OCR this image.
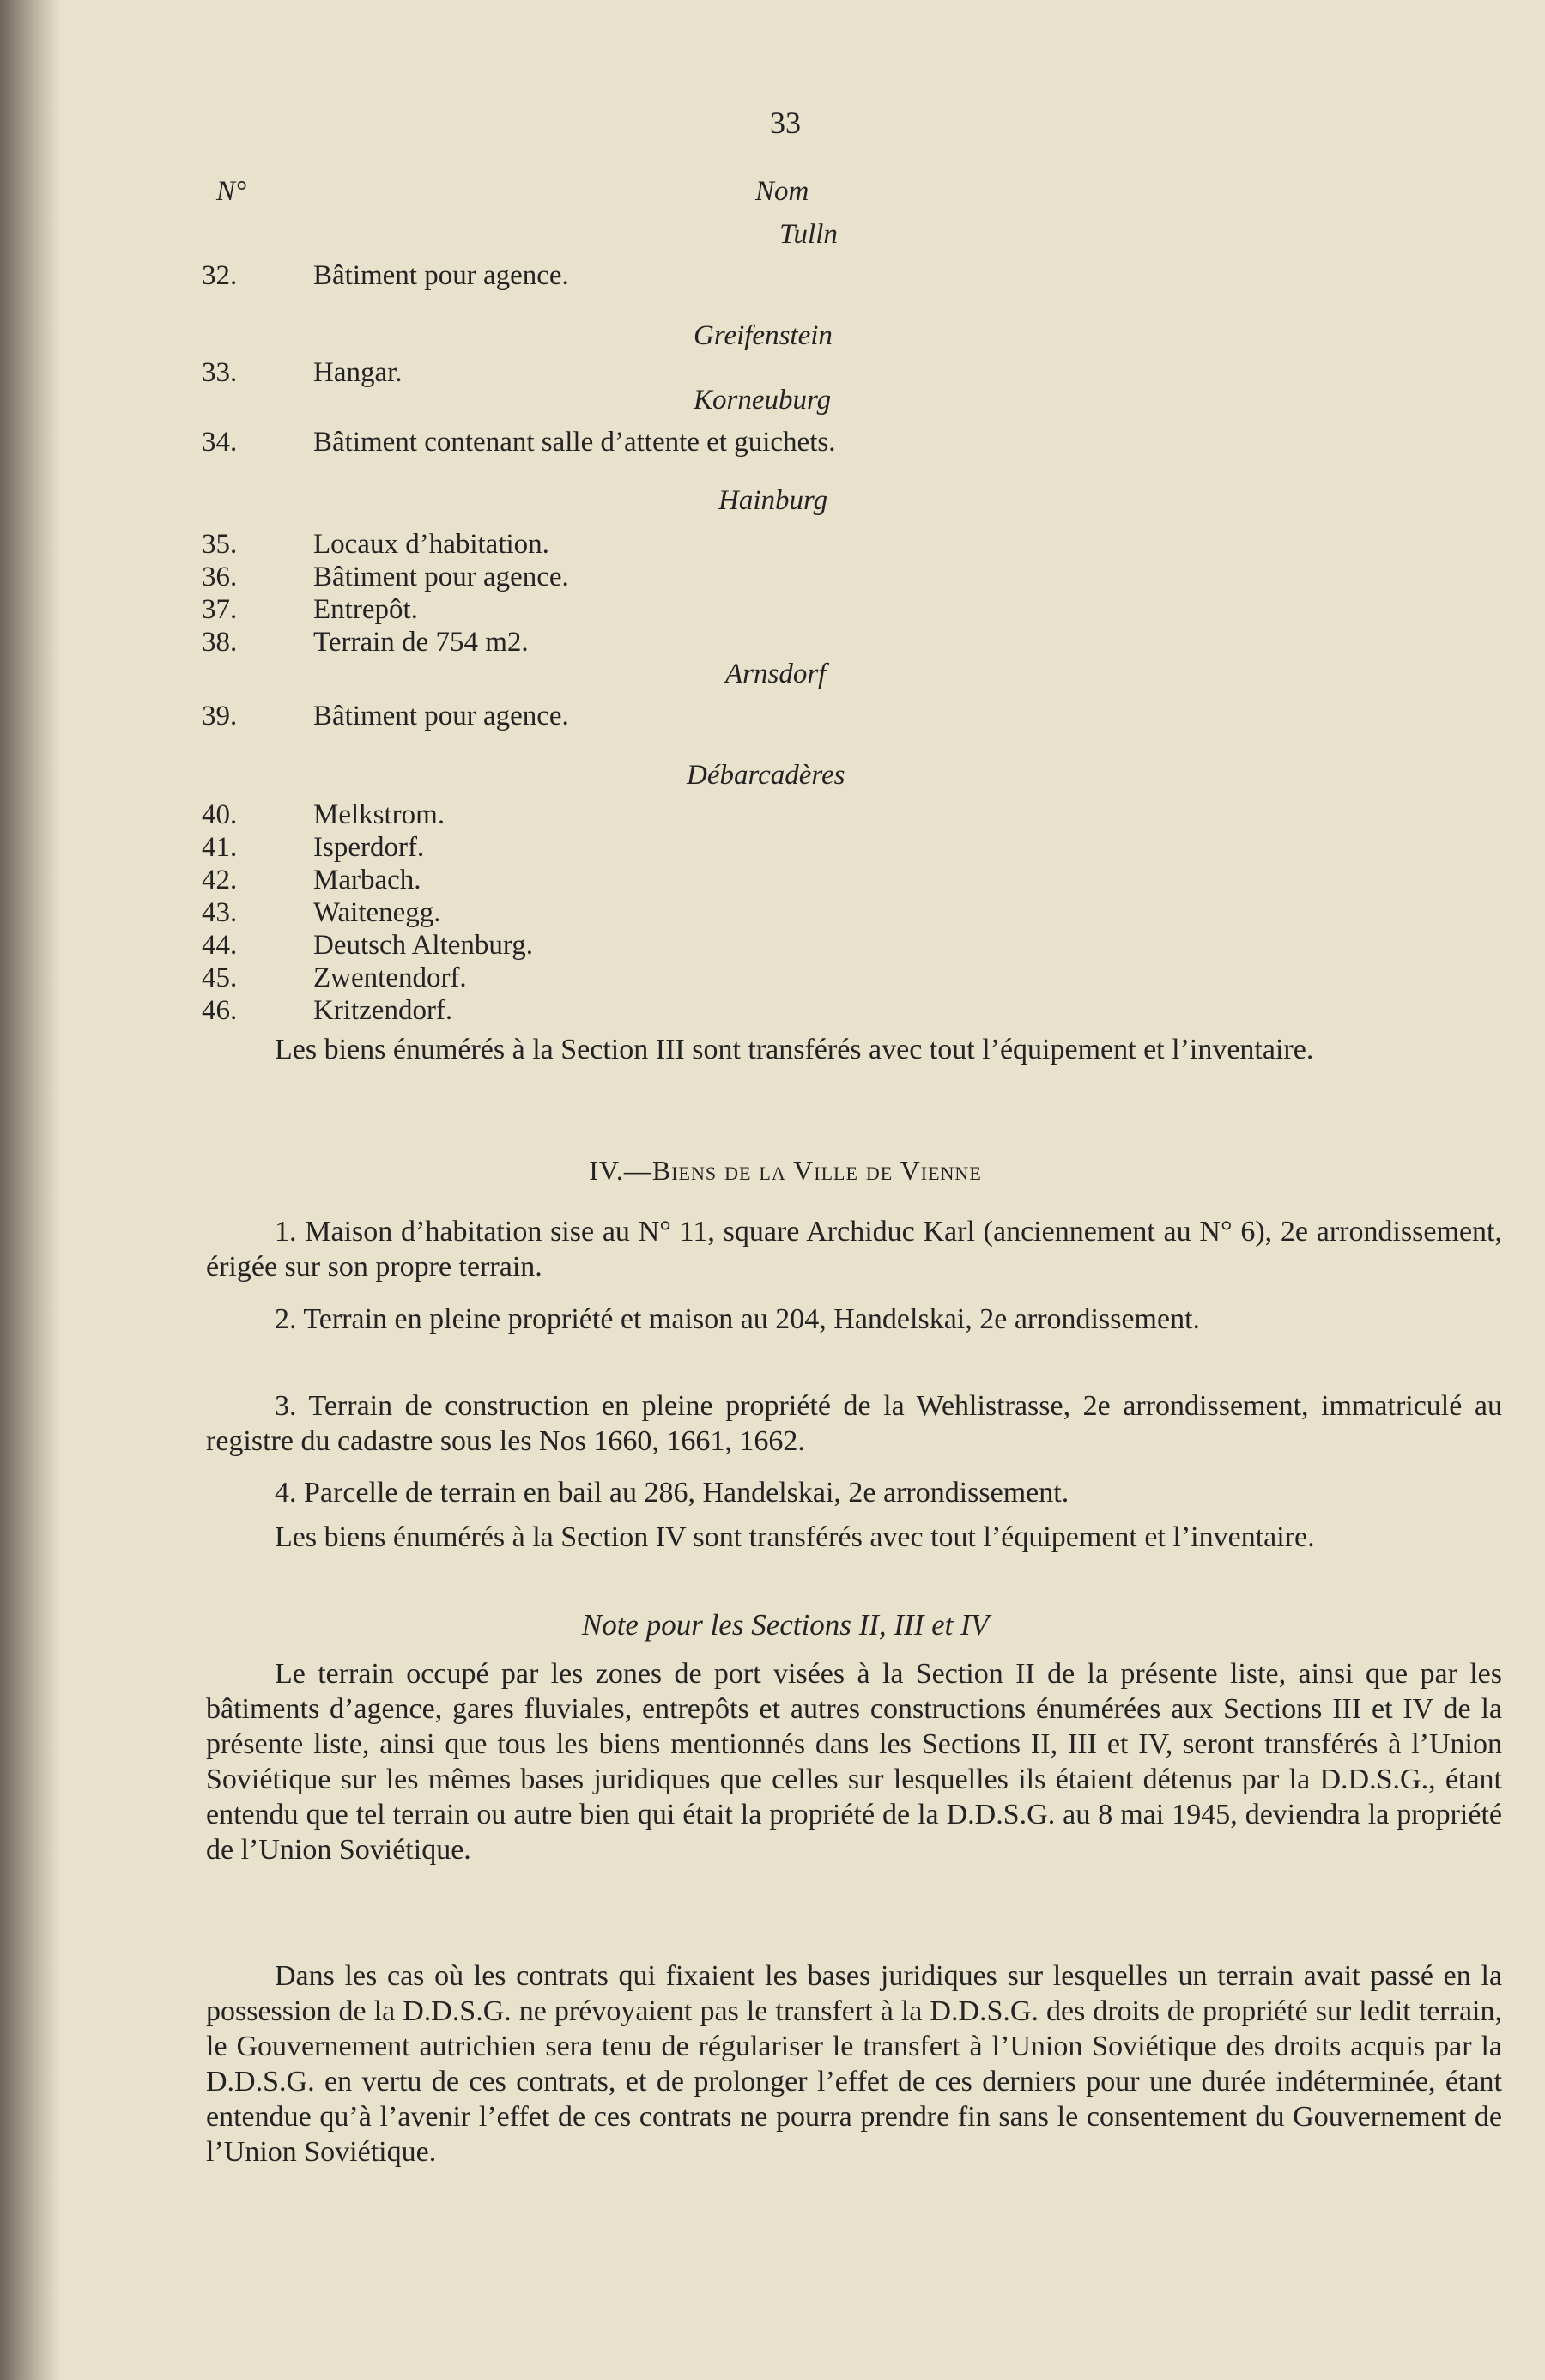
33
N°	Nom
Tulln
32.	Bâtiment pour agence.
Greifenstein
33.	Hangar.
Korneuburg
34.	Bâtiment contenant salle d’attente et guichets.
Hainburg
35.	Locaux d’habitation.
36.	Bâtiment pour agence.
37.	Entrepôt.
38.	Terrain de 754 m2.
Arnsdorf
39.	Bâtiment pour agence.
Débarcadères
40.	Melkstrom.
41.	Isperdorf.
42.	Marbach.
43.	Waitenegg.
44.	Deutsch Altenburg.
45.	Zwentendorf.
46.	Kritzendorf.

Les biens énumérés à la Section III sont transférés avec tout l’équipement et l’inventaire.

IV.—Biens de la Ville de Vienne

1. Maison d’habitation sise au N° 11, square Archiduc Karl (anciennement au N° 6), 2e arrondissement, érigée sur son propre terrain.

2. Terrain en pleine propriété et maison au 204, Handelskai, 2e arrondissement.

3. Terrain de construction en pleine propriété de la Wehlistrasse, 2e arrondissement, immatriculé au registre du cadastre sous les Nos 1660, 1661, 1662.

4. Parcelle de terrain en bail au 286, Handelskai, 2e arrondissement.

Les biens énumérés à la Section IV sont transférés avec tout l’équipement et l’inventaire.

Note pour les Sections II, III et IV

Le terrain occupé par les zones de port visées à la Section II de la présente liste, ainsi que par les bâtiments d’agence, gares fluviales, entrepôts et autres constructions énumérées aux Sections III et IV de la présente liste, ainsi que tous les biens mentionnés dans les Sections II, III et IV, seront transférés à l’Union Soviétique sur les mêmes bases juridiques que celles sur lesquelles ils étaient détenus par la D.D.S.G., étant entendu que tel terrain ou autre bien qui était la propriété de la D.D.S.G. au 8 mai 1945, deviendra la propriété de l’Union Soviétique.

Dans les cas où les contrats qui fixaient les bases juridiques sur lesquelles un terrain avait passé en la possession de la D.D.S.G. ne prévoyaient pas le transfert à la D.D.S.G. des droits de propriété sur ledit terrain, le Gouvernement autrichien sera tenu de régulariser le transfert à l’Union Soviétique des droits acquis par la D.D.S.G. en vertu de ces contrats, et de prolonger l’effet de ces derniers pour une durée indéterminée, étant entendue qu’à l’avenir l’effet de ces contrats ne pourra prendre fin sans le consentement du Gouvernement de l’Union Soviétique.
